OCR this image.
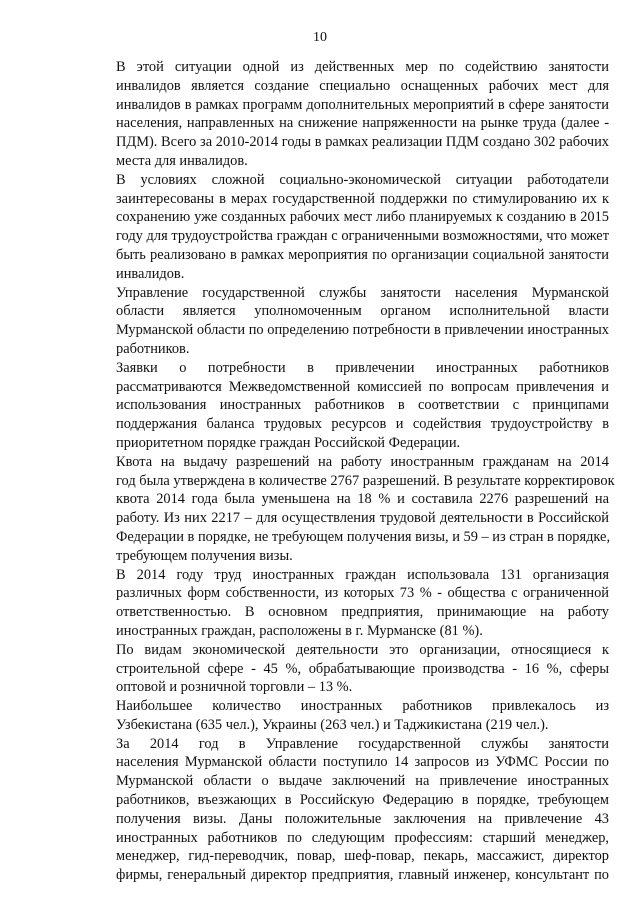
10

В этой ситуации одной из действенных мер по содействию занятости
инвалидов является создание специально оснащенных рабочих мест для
инвалидов в рамках программ дополнительных мероприятий в сфере занятости
населения, направленных на снижение напряженности на рынке труда (далее -
ПДМ). Всего за 2010-2014 годы в рамках реализации ПДМ создано 302 рабочих
места для инвалидов.

В условиях сложной социально-экономической ситуации работодатели
заинтересованы в мерах государственной поддержки по стимулированию их к
сохранению уже созданных рабочих мест либо планируемых к созданию в 2015
году для трудоустройства граждан с ограниченными возможностями, что может
быть реализовано в рамках мероприятия по организации социальной занятости
инвалидов.

Управление государственной службы занятости населения Мурманской
области является уполномоченным органом исполнительной власти
Мурманской области по определению потребности в привлечении иностранных
работников.

Заявки о потребности в привлечении иностранных работников
рассматриваются Межведомственной комиссией по вопросам привлечения и
использования иностранных работников в соответствии с принципами
поддержания баланса трудовых ресурсов и содействия трудоустройству в
приоритетном порядке граждан Российской Федерации.

Квота на выдачу разрешений на работу иностранным гражданам на 2014
год была утверждена в количестве 2767 разрешений. В результате корректировок
квота 2014 года была уменьшена на 18 % и составила 2276 разрешений на
работу. Из них 2217 – для осуществления трудовой деятельности в Российской
Федерации в порядке, не требующем получения визы, и 59 – из стран в порядке,
требующем получения визы.

В 2014 году труд иностранных граждан использовала 131 организация
различных форм собственности, из которых 73 % - общества с ограниченной
ответственностью. В основном предприятия, принимающие на работу
иностранных граждан, расположены в г. Мурманске (81 %).

По видам экономической деятельности это организации, относящиеся к
строительной сфере - 45 %, обрабатывающие производства - 16 %, сферы
оптовой и розничной торговли – 13 %.

Наибольшее количество иностранных работников привлекалось из
Узбекистана (635 чел.), Украины (263 чел.) и Таджикистана (219 чел.).

За 2014 год в Управление государственной службы занятости
населения Мурманской области поступило 14 запросов из УФМС России по
Мурманской области о выдаче заключений на привлечение иностранных
работников, въезжающих в Российскую Федерацию в порядке, требующем
получения визы. Даны положительные заключения на привлечение 43
иностранных работников по следующим профессиям: старший менеджер,
менеджер, гид-переводчик, повар, шеф-повар, пекарь, массажист, директор
фирмы, генеральный директор предприятия, главный инженер, консультант по
